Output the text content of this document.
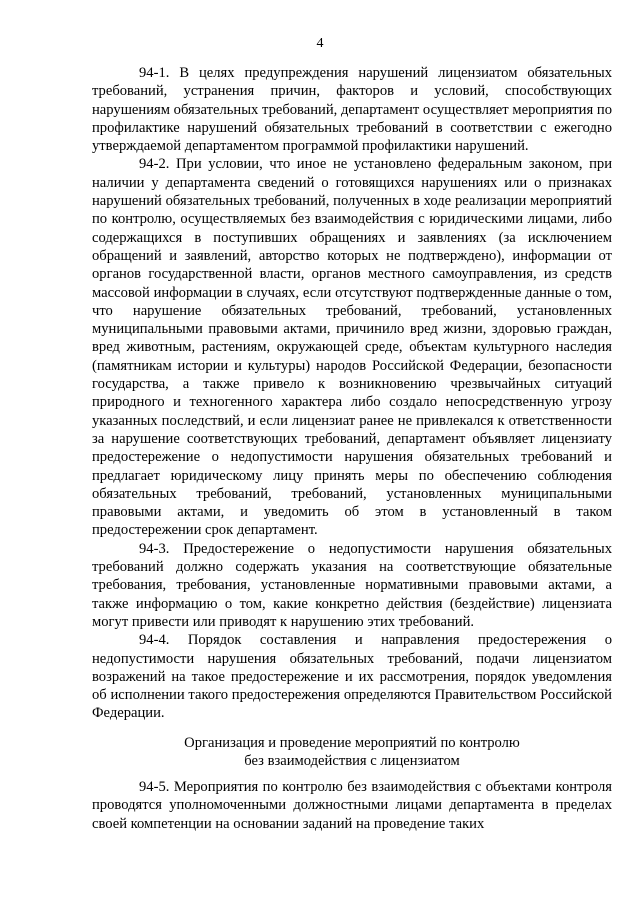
4

94-1. В целях предупреждения нарушений лицензиатом обязательных требований, устранения причин, факторов и условий, способствующих нарушениям обязательных требований, департамент осуществляет мероприятия по профилактике нарушений обязательных требований в соответствии с ежегодно утверждаемой департаментом программой профилактики нарушений.

94-2. При условии, что иное не установлено федеральным законом, при наличии у департамента сведений о готовящихся нарушениях или о признаках нарушений обязательных требований, полученных в ходе реализации мероприятий по контролю, осуществляемых без взаимодействия с юридическими лицами, либо содержащихся в поступивших обращениях и заявлениях (за исключением обращений и заявлений, авторство которых не подтверждено), информации от органов государственной власти, органов местного самоуправления, из средств массовой информации в случаях, если отсутствуют подтвержденные данные о том, что нарушение обязательных требований, требований, установленных муниципальными правовыми актами, причинило вред жизни, здоровью граждан, вред животным, растениям, окружающей среде, объектам культурного наследия (памятникам истории и культуры) народов Российской Федерации, безопасности государства, а также привело к возникновению чрезвычайных ситуаций природного и техногенного характера либо создало непосредственную угрозу указанных последствий, и если лицензиат ранее не привлекался к ответственности за нарушение соответствующих требований, департамент объявляет лицензиату предостережение о недопустимости нарушения обязательных требований и предлагает юридическому лицу принять меры по обеспечению соблюдения обязательных требований, требований, установленных муниципальными правовыми актами, и уведомить об этом в установленный в таком предостережении срок департамент.

94-3. Предостережение о недопустимости нарушения обязательных требований должно содержать указания на соответствующие обязательные требования, требования, установленные нормативными правовыми актами, а также информацию о том, какие конкретно действия (бездействие) лицензиата могут привести или приводят к нарушению этих требований.

94-4. Порядок составления и направления предостережения о недопустимости нарушения обязательных требований, подачи лицензиатом возражений на такое предостережение и их рассмотрения, порядок уведомления об исполнении такого предостережения определяются Правительством Российской Федерации.

Организация и проведение мероприятий по контролю
без взаимодействия с лицензиатом

94-5. Мероприятия по контролю без взаимодействия с объектами контроля проводятся уполномоченными должностными лицами департамента в пределах своей компетенции на основании заданий на проведение таких
